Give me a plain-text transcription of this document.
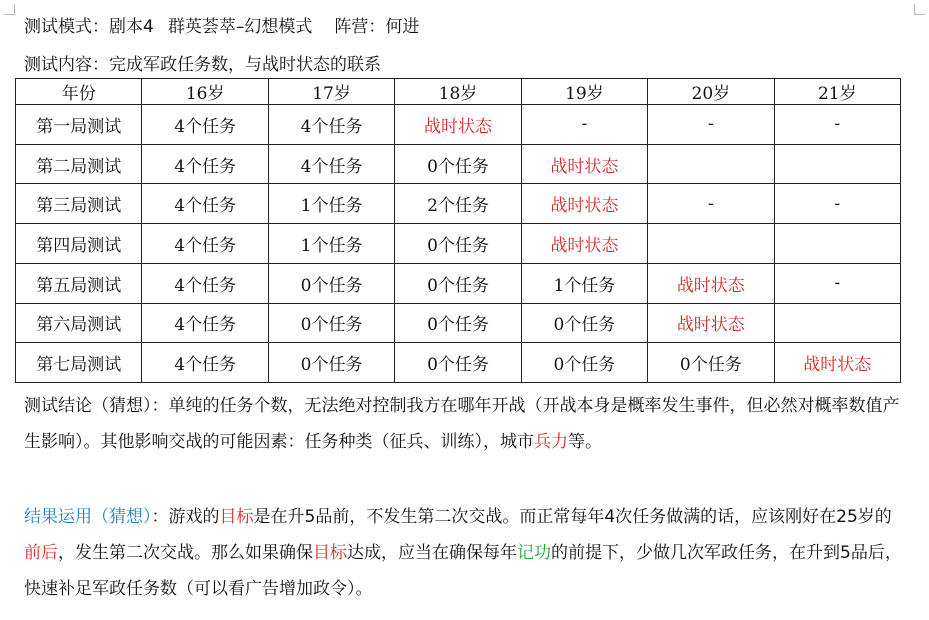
测试模式：剧本4 群英荟萃–幻想模式 阵营：何进
测试内容：完成军政任务数，与战时状态的联系
年份	16岁	17岁	18岁	19岁	20岁	21岁
第一局测试	4个任务	4个任务	战时状态	-	-	-
第二局测试	4个任务	4个任务	0个任务	战时状态		
第三局测试	4个任务	1个任务	2个任务	战时状态	-	-
第四局测试	4个任务	1个任务	0个任务	战时状态		
第五局测试	4个任务	0个任务	0个任务	1个任务	战时状态	-
第六局测试	4个任务	0个任务	0个任务	0个任务	战时状态	
第七局测试	4个任务	0个任务	0个任务	0个任务	0个任务	战时状态
测试结论（猜想）：单纯的任务个数，无法绝对控制我方在哪年开战（开战本身是概率发生事件，但必然对概率数值产生影响）。其他影响交战的可能因素：任务种类（征兵、训练），城市兵力等。
结果运用（猜想）：游戏的目标是在升5品前，不发生第二次交战。而正常每年4次任务做满的话，应该刚好在25岁的前后，发生第二次交战。那么如果确保目标达成，应当在确保每年记功的前提下，少做几次军政任务，在升到5品后，快速补足军政任务数（可以看广告增加政令）。
